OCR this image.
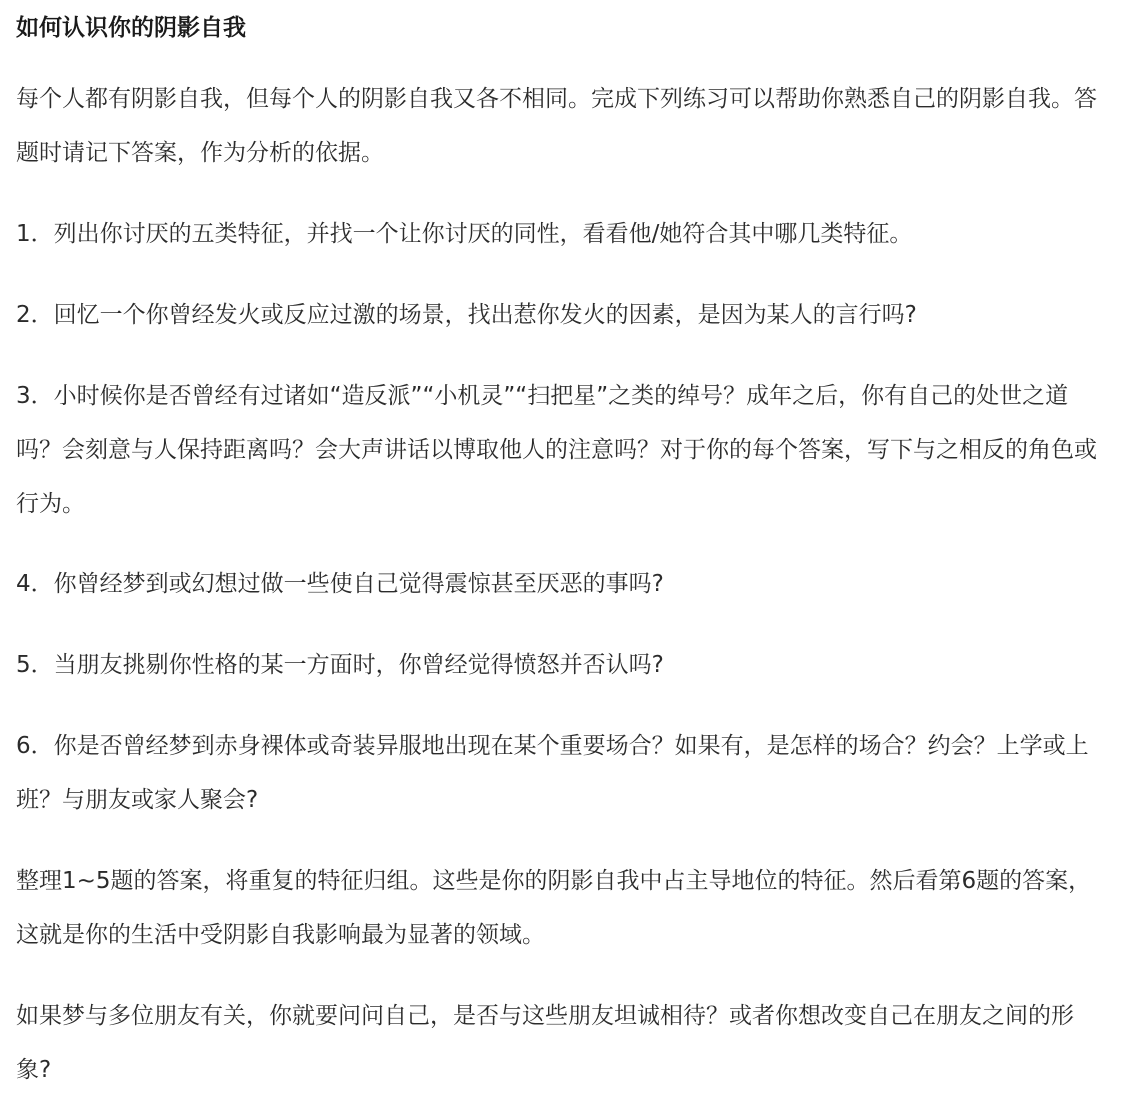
如何认识你的阴影自我

每个人都有阴影自我，但每个人的阴影自我又各不相同。完成下列练习可以帮助你熟悉自己的阴影自我。答题时请记下答案，作为分析的依据。

1．列出你讨厌的五类特征，并找一个让你讨厌的同性，看看他/她符合其中哪几类特征。

2．回忆一个你曾经发火或反应过激的场景，找出惹你发火的因素，是因为某人的言行吗?

3．小时候你是否曾经有过诸如“造反派”“小机灵”“扫把星”之类的绰号？成年之后，你有自己的处世之道吗？会刻意与人保持距离吗？会大声讲话以博取他人的注意吗？对于你的每个答案，写下与之相反的角色或行为。

4．你曾经梦到或幻想过做一些使自己觉得震惊甚至厌恶的事吗?

5．当朋友挑剔你性格的某一方面时，你曾经觉得愤怒并否认吗?

6．你是否曾经梦到赤身裸体或奇装异服地出现在某个重要场合？如果有，是怎样的场合？约会？上学或上班？与朋友或家人聚会?

整理1~5题的答案，将重复的特征归组。这些是你的阴影自我中占主导地位的特征。然后看第6题的答案，这就是你的生活中受阴影自我影响最为显著的领域。

如果梦与多位朋友有关，你就要问问自己，是否与这些朋友坦诚相待？或者你想改变自己在朋友之间的形象?
